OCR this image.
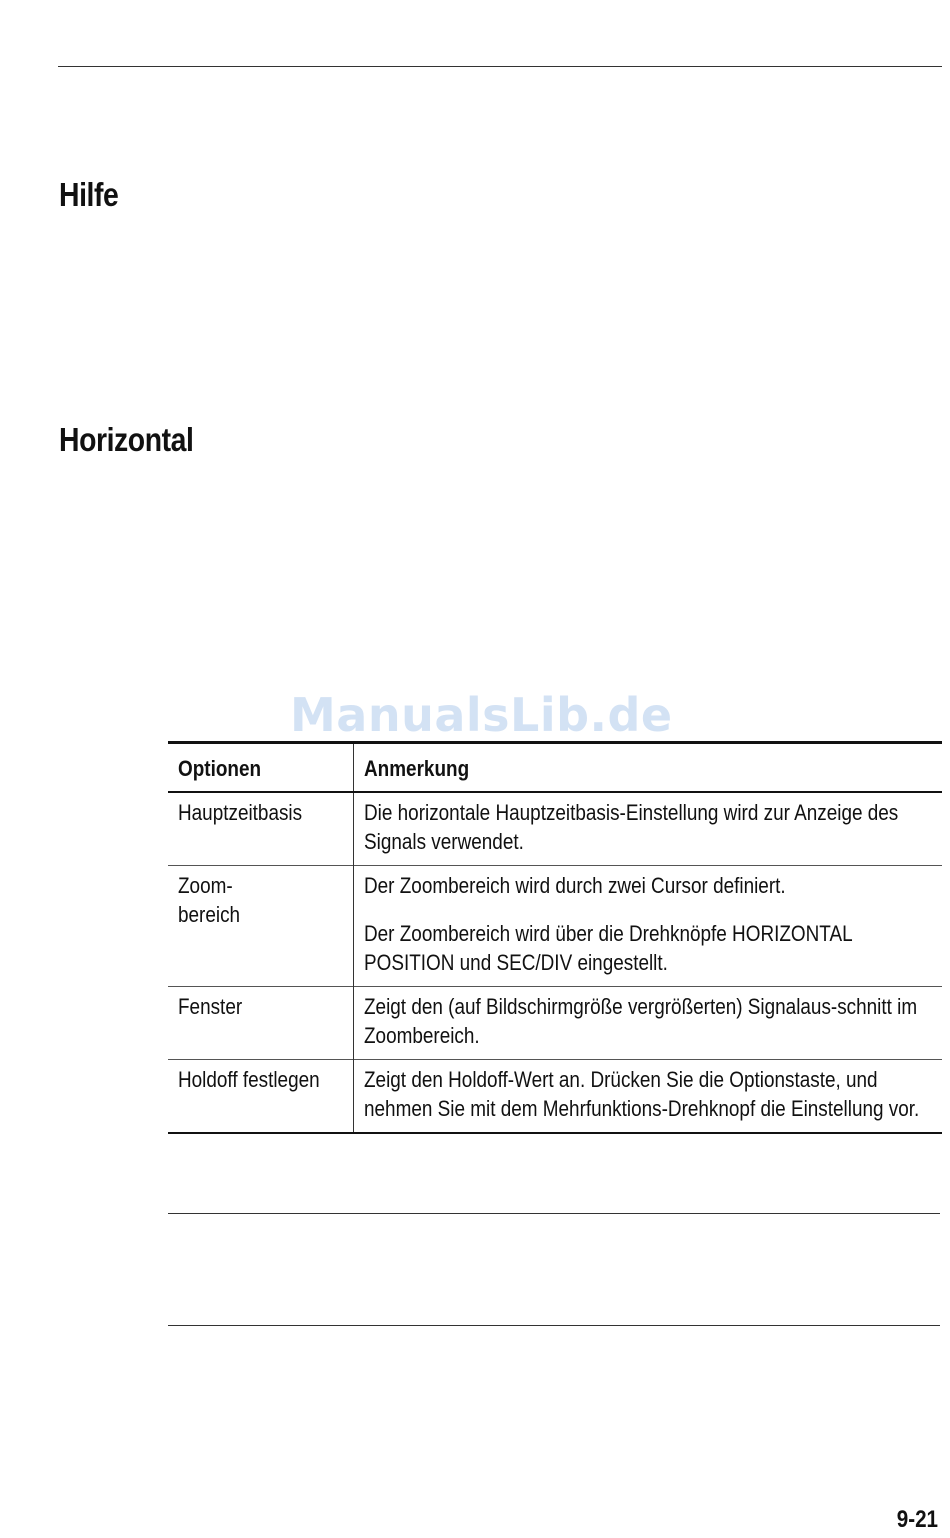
Hilfe
Horizontal
ManualsLib.de
Optionen	Anmerkung
Hauptzeitbasis	Die horizontale Hauptzeitbasis-Einstellung wird zur Anzeige des Signals verwendet.

Zoom-
bereich	Der Zoombereich wird durch zwei Cursor definiert.
Der Zoombereich wird über die Drehknöpfe HORIZONTAL POSITION und SEC/DIV eingestellt.

Fenster	Zeigt den (auf Bildschirmgröße vergrößerten) Signalaus-schnitt im Zoombereich.

Holdoff festlegen	Zeigt den Holdoff-Wert an. Drücken Sie die Optionstaste, und nehmen Sie mit dem Mehrfunktions-Drehknopf die Einstellung vor.
9-21
